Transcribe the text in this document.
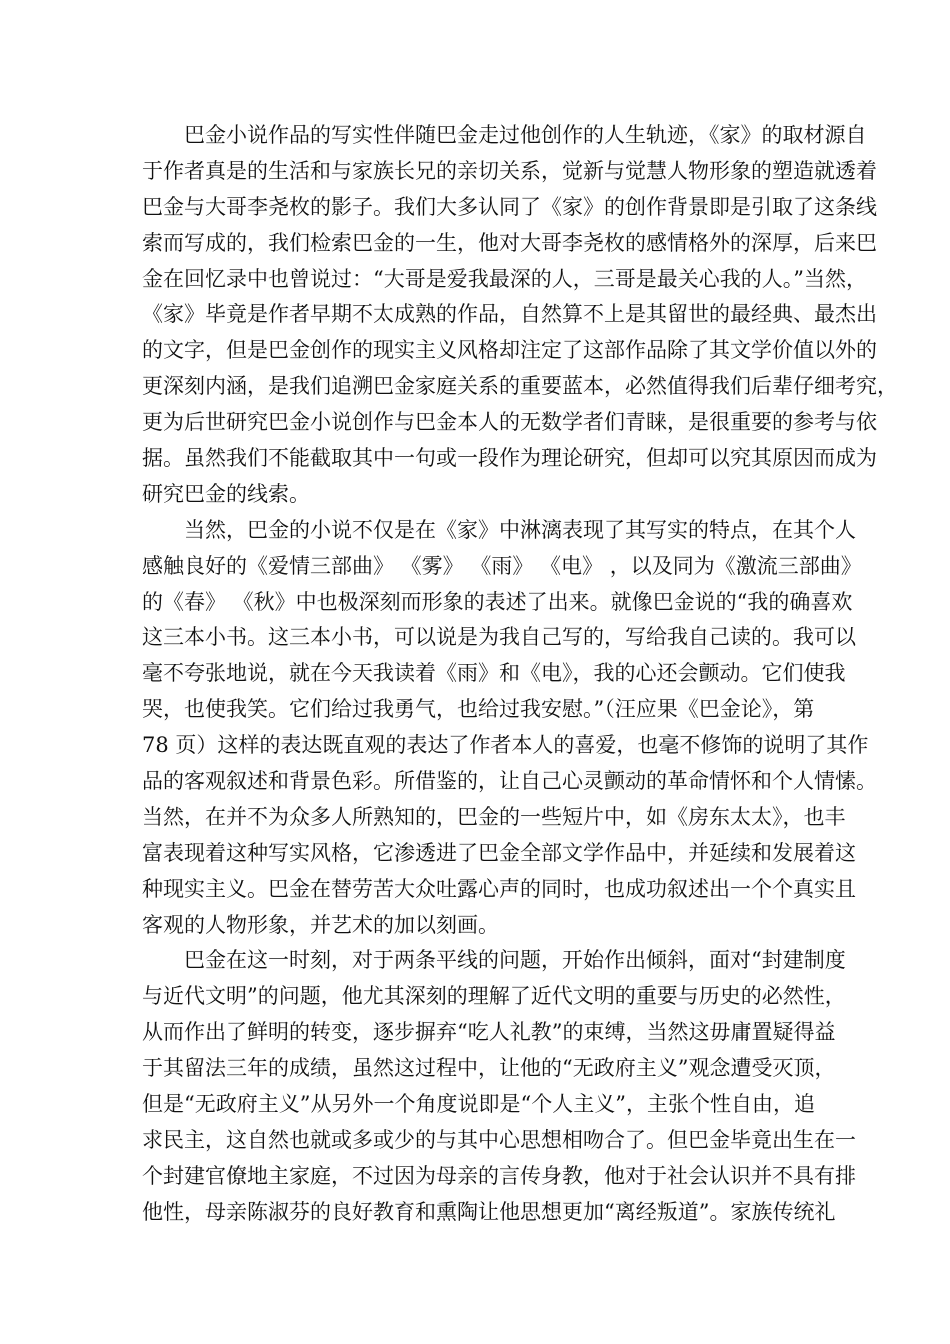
巴金小说作品的写实性伴随巴金走过他创作的人生轨迹，《家》的取材源自
于作者真是的生活和与家族长兄的亲切关系，觉新与觉慧人物形象的塑造就透着
巴金与大哥李尧枚的影子。我们大多认同了《家》的创作背景即是引取了这条线
索而写成的，我们检索巴金的一生，他对大哥李尧枚的感情格外的深厚，后来巴
金在回忆录中也曾说过：“大哥是爱我最深的人，三哥是最关心我的人。”当然，
《家》毕竟是作者早期不太成熟的作品，自然算不上是其留世的最经典、最杰出
的文字，但是巴金创作的现实主义风格却注定了这部作品除了其文学价值以外的
更深刻内涵，是我们追溯巴金家庭关系的重要蓝本，必然值得我们后辈仔细考究，
更为后世研究巴金小说创作与巴金本人的无数学者们青睐，是很重要的参考与依
据。虽然我们不能截取其中一句或一段作为理论研究，但却可以究其原因而成为
研究巴金的线索。
当然，巴金的小说不仅是在《家》中淋漓表现了其写实的特点，在其个人
感触良好的《爱情三部曲》 《雾》 《雨》 《电》 ，以及同为《激流三部曲》
的《春》 《秋》中也极深刻而形象的表述了出来。就像巴金说的“我的确喜欢
这三本小书。这三本小书，可以说是为我自己写的，写给我自己读的。我可以
毫不夸张地说，就在今天我读着《雨》和《电》，我的心还会颤动。它们使我
哭，也使我笑。它们给过我勇气，也给过我安慰。”（汪应果《巴金论》，第
78 页）这样的表达既直观的表达了作者本人的喜爱，也毫不修饰的说明了其作
品的客观叙述和背景色彩。所借鉴的，让自己心灵颤动的革命情怀和个人情愫。
当然，在并不为众多人所熟知的，巴金的一些短片中，如《房东太太》，也丰
富表现着这种写实风格，它渗透进了巴金全部文学作品中，并延续和发展着这
种现实主义。巴金在替劳苦大众吐露心声的同时，也成功叙述出一个个真实且
客观的人物形象，并艺术的加以刻画。
巴金在这一时刻，对于两条平线的问题，开始作出倾斜，面对“封建制度
与近代文明”的问题，他尤其深刻的理解了近代文明的重要与历史的必然性，
从而作出了鲜明的转变，逐步摒弃“吃人礼教”的束缚，当然这毋庸置疑得益
于其留法三年的成绩，虽然这过程中，让他的“无政府主义”观念遭受灭顶，
但是“无政府主义”从另外一个角度说即是“个人主义”，主张个性自由，追
求民主，这自然也就或多或少的与其中心思想相吻合了。但巴金毕竟出生在一
个封建官僚地主家庭，不过因为母亲的言传身教，他对于社会认识并不具有排
他性，母亲陈淑芬的良好教育和熏陶让他思想更加“离经叛道”。家族传统礼
